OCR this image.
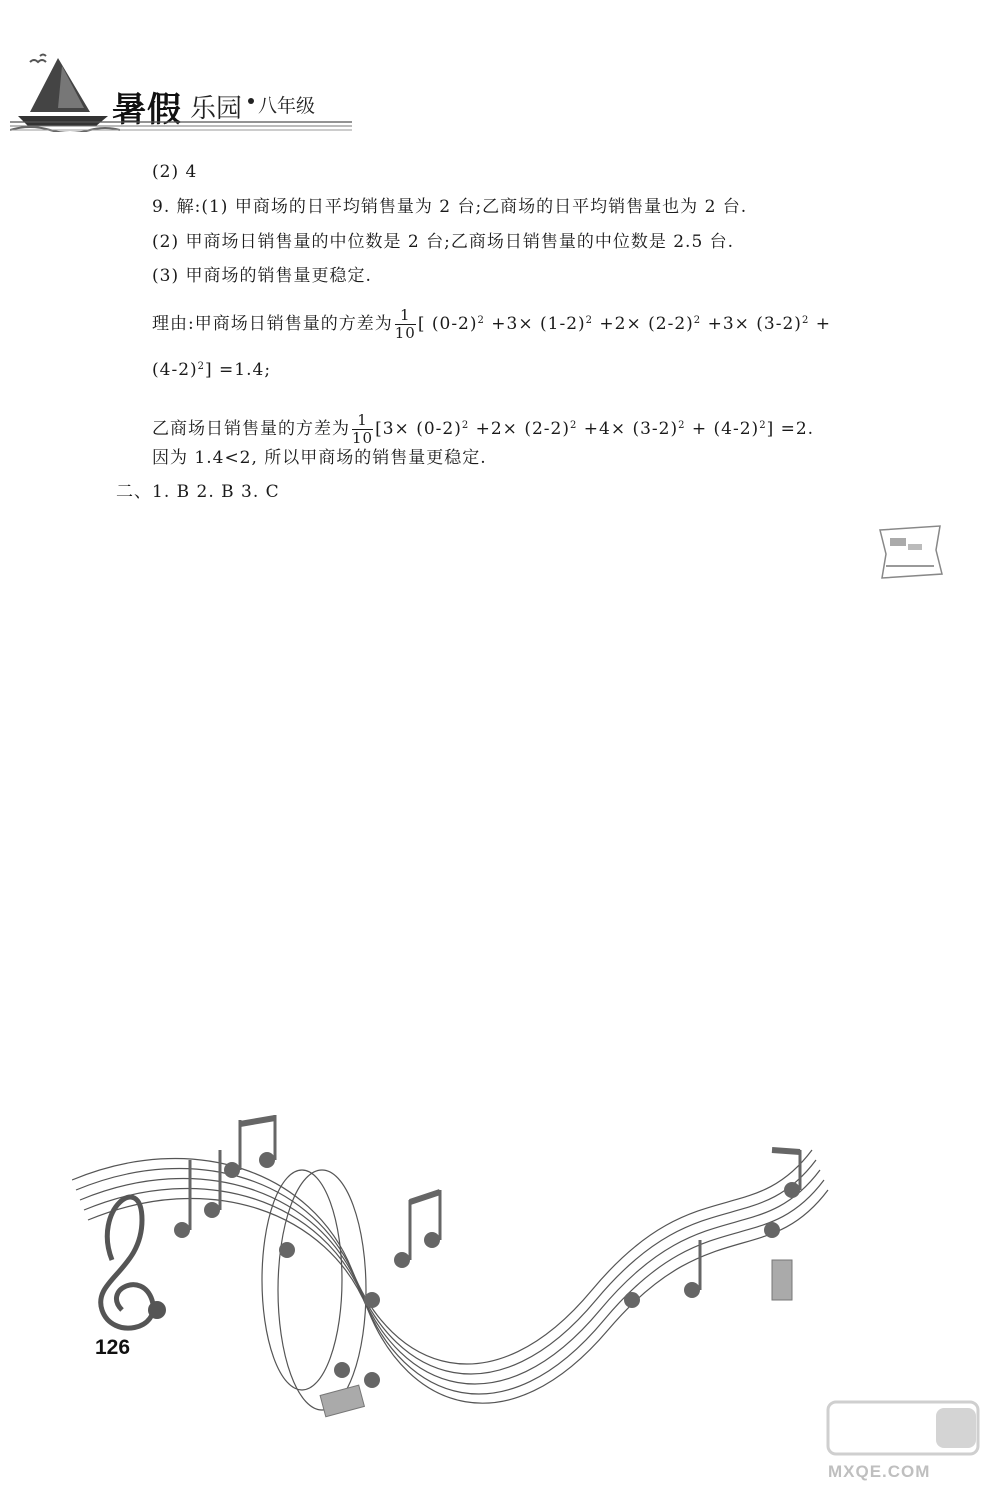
暑假 乐园 八年级
(2) 4
9. 解:(1) 甲商场的日平均销售量为 2 台;乙商场的日平均销售量也为 2 台.
(2) 甲商场日销售量的中位数是 2 台;乙商场日销售量的中位数是 2.5 台.
(3) 甲商场的销售量更稳定.
理由:甲商场日销售量的方差为 $\frac{1}{10}$ [ $(0-2)^2 +3\times (1-2)^2 +2\times (2-2)^2 +3\times (3-2)^2$ +
$(4-2)^2] =1.4$;
乙商场日销售量的方差为 $\frac{1}{10} [3\times (0-2)^2 +2\times (2-2)^2 +4\times (3-2)^2 + (4-2)^2] =2$.
因为 1.4<2, 所以甲商场的销售量更稳定.
二、1. B 2. B 3. C
126
MXQE.COM
